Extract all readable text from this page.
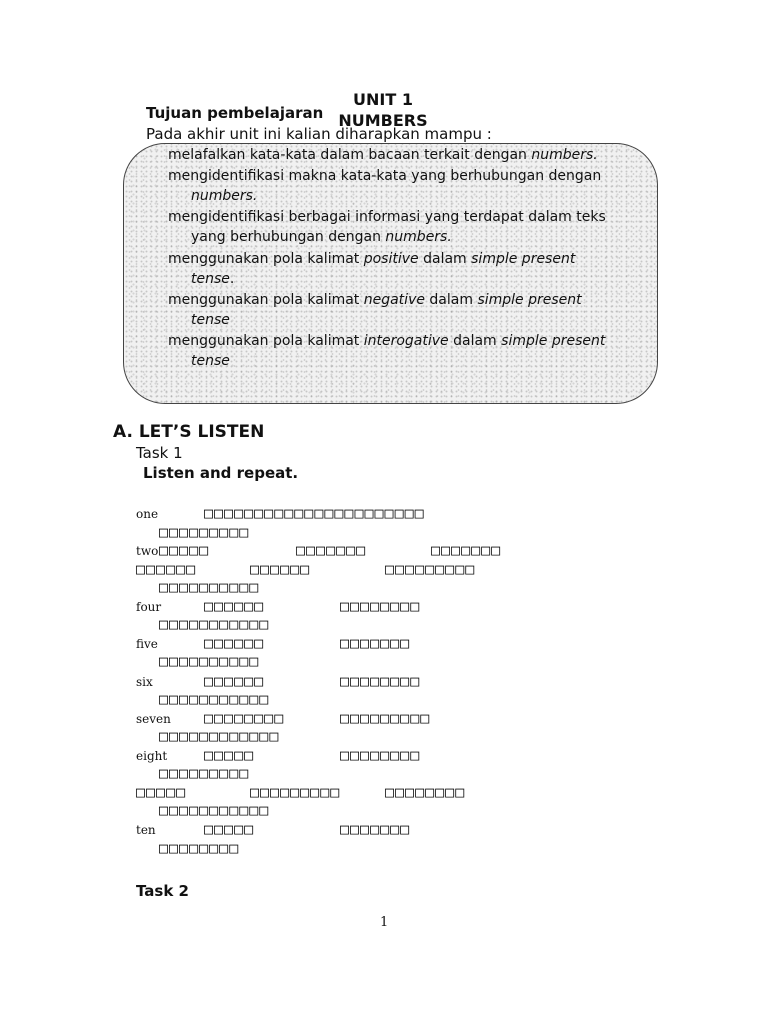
UNIT 1
NUMBERS
Tujuan pembelajaran
Pada akhir unit ini kalian diharapkan mampu :
melafalkan kata-kata dalam bacaan terkait dengan numbers.
mengidentifikasi makna kata-kata yang berhubungan dengan
numbers.
mengidentifikasi berbagai informasi yang terdapat dalam teks
yang berhubungan dengan numbers.
menggunakan pola kalimat positive dalam simple present
tense.
menggunakan pola kalimat negative dalam simple present
tense
menggunakan pola kalimat interogative dalam simple present
tense
A. LET’S LISTEN
Task 1
Listen and repeat.
one	□□□□□□□□□□□□□□□□□□□□□□
□□□□□□□□□
two □□□□□	□□□□□□□	□□□□□□□
□□□□□□	□□□□□□	□□□□□□□□□
□□□□□□□□□□
four	□□□□□□	□□□□□□□□
□□□□□□□□□□□
five	□□□□□□	□□□□□□□
□□□□□□□□□□
six	□□□□□□	□□□□□□□□
□□□□□□□□□□□
seven □□□□□□□□	□□□□□□□□□
□□□□□□□□□□□□
eight □□□□□	□□□□□□□□
□□□□□□□□□
□□□□□	□□□□□□□□□	□□□□□□□□
□□□□□□□□□□□
ten	□□□□□	□□□□□□□
□□□□□□□□
Task 2
1
